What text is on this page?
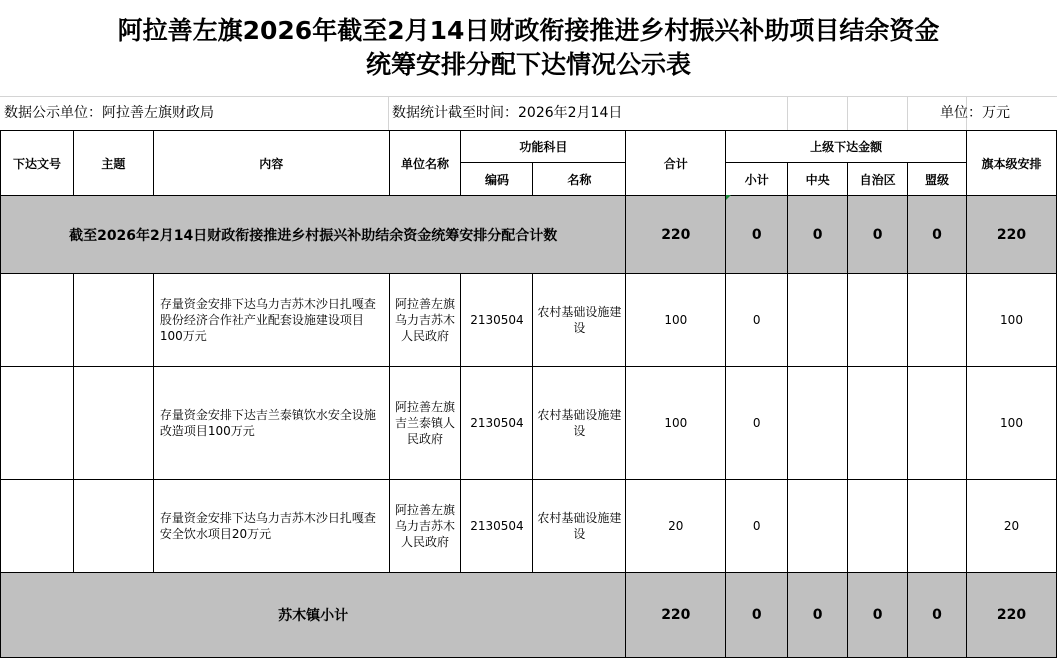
阿拉善左旗2026年截至2月14日财政衔接推进乡村振兴补助项目结余资金
统筹安排分配下达情况公示表
数据公示单位：阿拉善左旗财政局	数据统计截至时间：2026年2月14日	单位：万元
下达文号	主题	内容	单位名称	功能科目		合计	上级下达金额				旗本级安排
				编码	名称		小计	中央	自治区	盟级	
截至2026年2月14日财政衔接推进乡村振兴补助结余资金统筹安排分配合计数						220	0	0	0	0	220
		存量资金安排下达乌力吉苏木沙日扎嘎查股份经济合作社产业配套设施建设项目100万元	阿拉善左旗乌力吉苏木人民政府	2130504	农村基础设施建设	100	0				100
		存量资金安排下达吉兰泰镇饮水安全设施改造项目100万元	阿拉善左旗吉兰泰镇人民政府	2130504	农村基础设施建设	100	0				100
		存量资金安排下达乌力吉苏木沙日扎嘎查安全饮水项目20万元	阿拉善左旗乌力吉苏木人民政府	2130504	农村基础设施建设	20	0				20
苏木镇小计						220	0	0	0	0	220
